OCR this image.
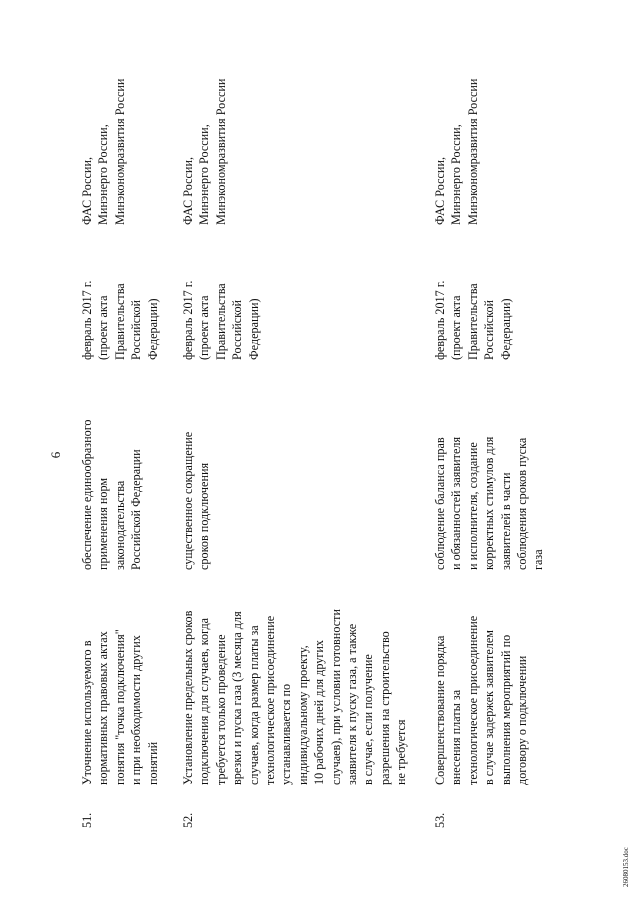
6
51.
Уточнение используемого в
нормативных правовых актах
понятия "точка подключения"
и при необходимости других
понятий
обеспечение единообразного
применения норм
законодательства
Российской Федерации
февраль 2017 г.
(проект акта
Правительства
Российской
Федерации)
ФАС России,
Минэнерго России,
Минэкономразвития России
52.
Установление предельных сроков
подключения для случаев, когда
требуется только проведение
врезки и пуска газа (3 месяца для
случаев, когда размер платы за
технологическое присоединение
устанавливается по
индивидуальному проекту,
10 рабочих дней для других
случаев), при условии готовности
заявителя к пуску газа, а также
в случае, если получение
разрешения на строительство
не требуется
существенное сокращение
сроков подключения
февраль 2017 г.
(проект акта
Правительства
Российской
Федерации)
ФАС России,
Минэнерго России,
Минэкономразвития России
53.
Совершенствование порядка
внесения платы за
технологическое присоединение
в случае задержек заявителем
выполнения мероприятий по
договору о подключении
соблюдение баланса прав
и обязанностей заявителя
и исполнителя, создание
корректных стимулов для
заявителей в части
соблюдения сроков пуска
газа
февраль 2017 г.
(проект акта
Правительства
Российской
Федерации)
ФАС России,
Минэнерго России,
Минэкономразвития России
26080153.doc
